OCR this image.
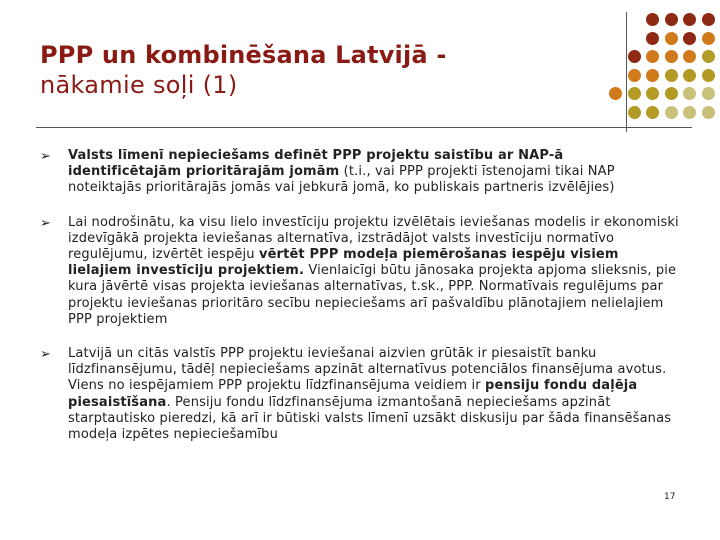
PPP un kombinēšana Latvijā -
nākamie soļi (1)
➢ Valsts līmenī nepieciešams definēt PPP projektu saistību ar NAP-ā identificētajām prioritārajām jomām (t.i., vai PPP projekti īstenojami tikai NAP noteiktajās prioritārajās jomās vai jebkurā jomā, ko publiskais partneris izvēlējies)
➢ Lai nodrošinātu, ka visu lielo investīciju projektu izvēlētais ieviešanas modelis ir ekonomiski izdevīgākā projekta ieviešanas alternatīva, izstrādājot valsts investīciju normatīvo regulējumu, izvērtēt iespēju vērtēt PPP modeļa piemērošanas iespēju visiem lielajiem investīciju projektiem. Vienlaicīgi būtu jānosaka projekta apjoma slieksnis, pie kura jāvērtē visas projekta ieviešanas alternatīvas, t.sk., PPP. Normatīvais regulējums par projektu ieviešanas prioritāro secību nepieciešams arī pašvaldību plānotajiem nelielajiem PPP projektiem
➢ Latvijā un citās valstīs PPP projektu ieviešanai aizvien grūtāk ir piesaistīt banku līdzfinansējumu, tādēļ nepieciešams apzināt alternatīvus potenciālos finansējuma avotus. Viens no iespējamiem PPP projektu līdzfinansējuma veidiem ir pensiju fondu daļēja piesaistīšana. Pensiju fondu līdzfinansējuma izmantošanā nepieciešams apzināt starptautisko pieredzi, kā arī ir būtiski valsts līmenī uzsākt diskusiju par šāda finansēšanas modeļa izpētes nepieciešamību
17
